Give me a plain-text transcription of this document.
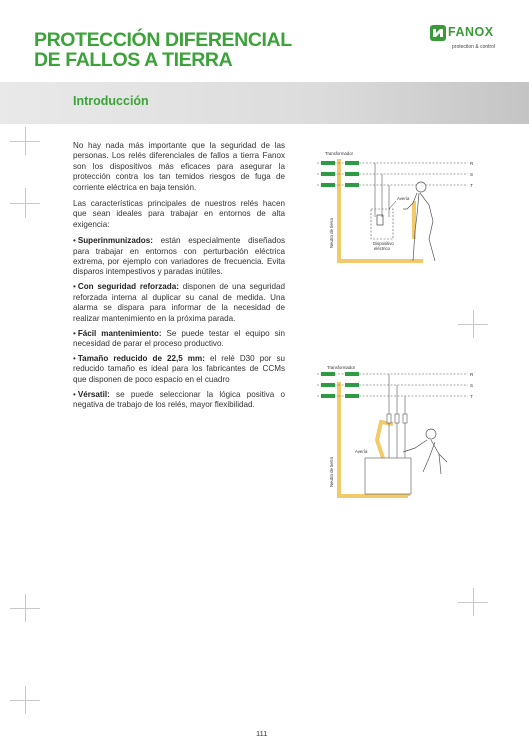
PROTECCIÓN DIFERENCIAL
DE FALLOS A TIERRA
FANOX
protection & control
Introducción

No hay nada más importante que la seguridad de las personas. Los relés diferenciales de fallos a tierra Fanox son los dispositivos más eficaces para asegurar la protección contra los tan temidos riesgos de fuga de corriente eléctrica en baja tensión.

Las características principales de nuestros relés hacen que sean ideales para trabajar en entornos de alta exigencia:

• Superinmunizados: están especialmente diseñados para trabajar en entornos con perturbación eléctrica extrema, por ejemplo con variadores de frecuencia. Evita disparos intempestivos y paradas inútiles.
• Con seguridad reforzada: disponen de una seguridad reforzada interna al duplicar su canal de medida. Una alarma se dispara para informar de la necesidad de realizar mantenimiento en la próxima parada.
• Fácil mantenimiento: Se puede testar el equipo sin necesidad de parar el proceso productivo.
• Tamaño reducido de 22,5 mm: el relé D30 por su reducido tamaño es ideal para los fabricantes de CCMs que disponen de poco espacio en el cuadro
• Vérsatil: se puede seleccionar la lógica positiva o negativa de trabajo de los relés, mayor flexibilidad.
Transformador
R
S
T
Avería
Neutro de tierra	Dispositivo
eléctrico
Transformador
R
S
T
Avería
Neutro de tierra
111
